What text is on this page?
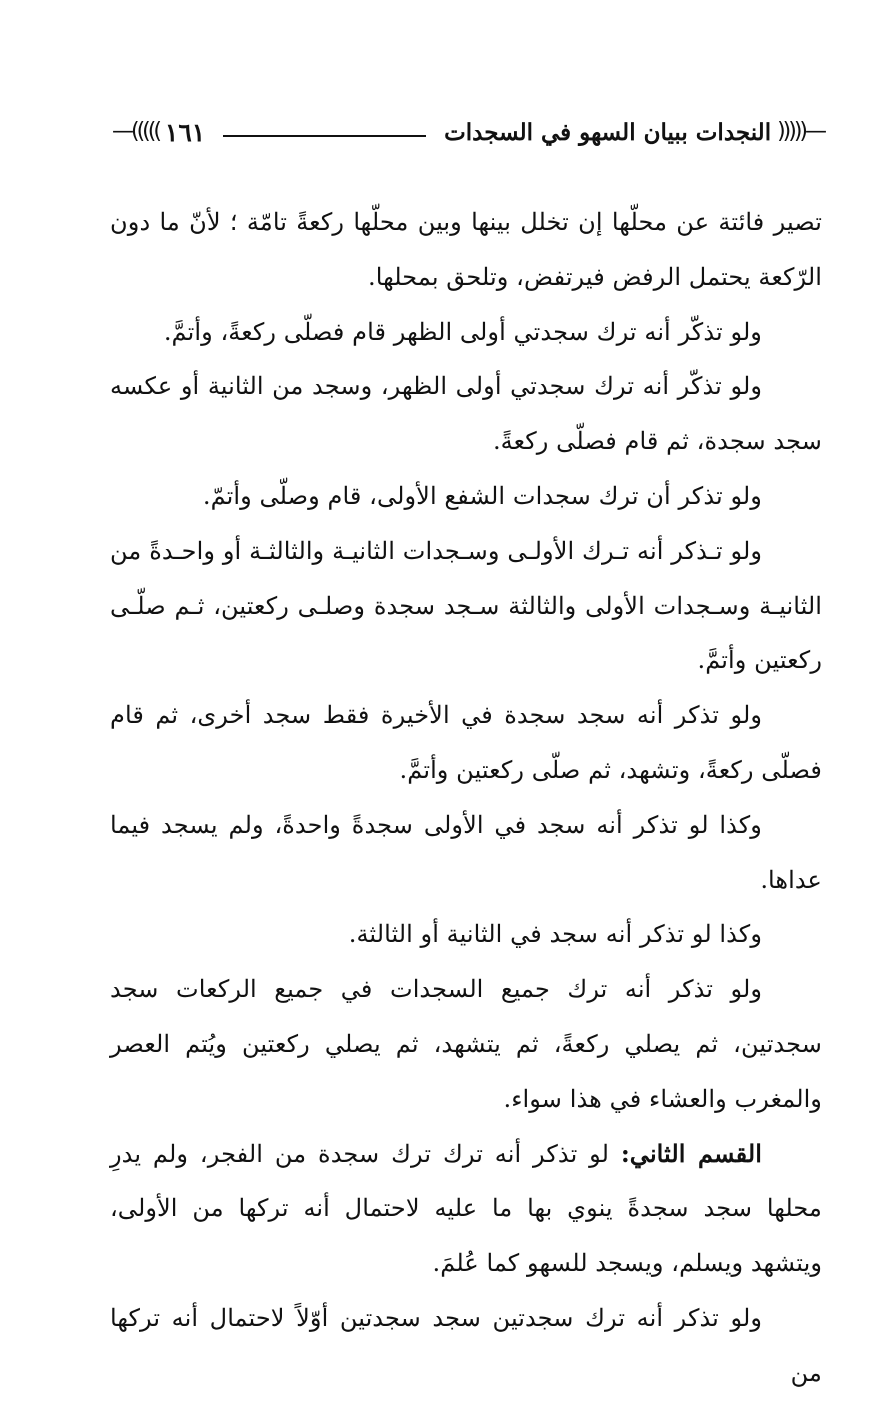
—(((((
النجدات ببيان السهو في السجدات
١٦١
)))))—

تصير فائتة عن محلّها إن تخلل بينها وبين محلّها ركعةً تامّة ؛ لأنّ ما دون الرّكعة يحتمل الرفض فيرتفض، وتلحق بمحلها.

ولو تذكّر أنه ترك سجدتي أولى الظهر قام فصلّى ركعةً، وأتمَّ.

ولو تذكّر أنه ترك سجدتي أولى الظهر، وسجد من الثانية أو عكسه سجد سجدة، ثم قام فصلّى ركعةً.

ولو تذكر أن ترك سجدات الشفع الأولى، قام وصلّى وأتمّ.

ولو تـذكر أنه تـرك الأولـى وسـجدات الثانيـة والثالثـة أو واحـدةً من الثانيـة وسـجدات الأولى والثالثة سـجد سجدة وصلـى ركعتين، ثـم صلّـى ركعتين وأتمَّ.

ولو تذكر أنه سجد سجدة في الأخيرة فقط سجد أخرى، ثم قام فصلّى ركعةً، وتشهد، ثم صلّى ركعتين وأتمَّ.

وكذا لو تذكر أنه سجد في الأولى سجدةً واحدةً، ولم يسجد فيما عداها.

وكذا لو تذكر أنه سجد في الثانية أو الثالثة.

ولو تذكر أنه ترك جميع السجدات في جميع الركعات سجد سجدتين، ثم يصلي ركعةً، ثم يتشهد، ثم يصلي ركعتين ويُتم العصر والمغرب والعشاء في هذا سواء.

القسم الثاني: لو تذكر أنه ترك ترك سجدة من الفجر، ولم يدرِ محلها سجد سجدةً ينوي بها ما عليه لاحتمال أنه تركها من الأولى، ويتشهد ويسلم، ويسجد للسهو كما عُلمَ.

ولو تذكر أنه ترك سجدتين سجد سجدتين أوّلاً لاحتمال أنه تركها من
